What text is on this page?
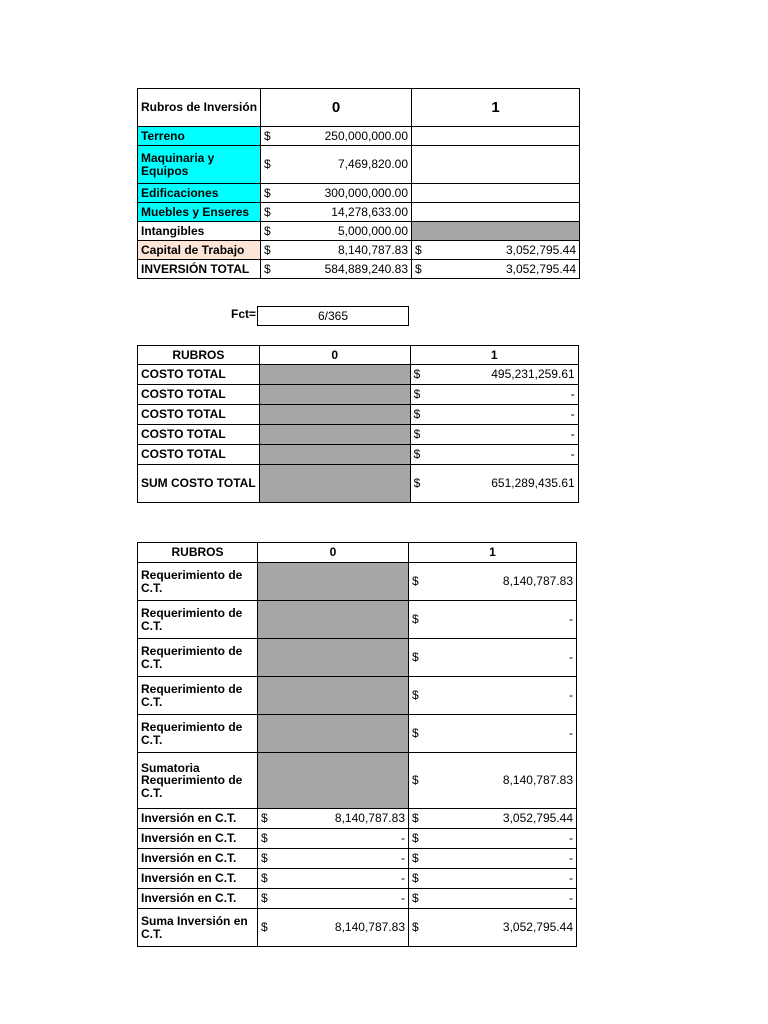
Rubros de Inversión	0	1
Terreno	$ 250,000,000.00	

Maquinaria y Equipos	$ 7,469,820.00	

Edificaciones	$ 300,000,000.00	

Muebles y Enseres	$ 14,278,633.00	

Intangibles	$ 5,000,000.00	

Capital de Trabajo	$ 8,140,787.83	$ 3,052,795.44

INVERSIÓN TOTAL	$ 584,889,240.83	$ 3,052,795.44
Fct=	6/365
RUBROS	0	1
COSTO TOTAL		$ 495,231,259.61

COSTO TOTAL		$ -

COSTO TOTAL		$ -

COSTO TOTAL		$ -

COSTO TOTAL		$ -

SUM COSTO TOTAL		$ 651,289,435.61
RUBROS	0	1
Requerimiento de C.T.		$ 8,140,787.83

Requerimiento de C.T.		$ -

Requerimiento de C.T.		$ -

Requerimiento de C.T.		$ -

Requerimiento de C.T.		$ -

Sumatoria Requerimiento de C.T.		$ 8,140,787.83

Inversión en C.T.	$ 8,140,787.83	$ 3,052,795.44

Inversión en C.T.	$ -	$ -

Inversión en C.T.	$ -	$ -

Inversión en C.T.	$ -	$ -

Inversión en C.T.	$ -	$ -

Suma Inversión en C.T.	$ 8,140,787.83	$ 3,052,795.44
